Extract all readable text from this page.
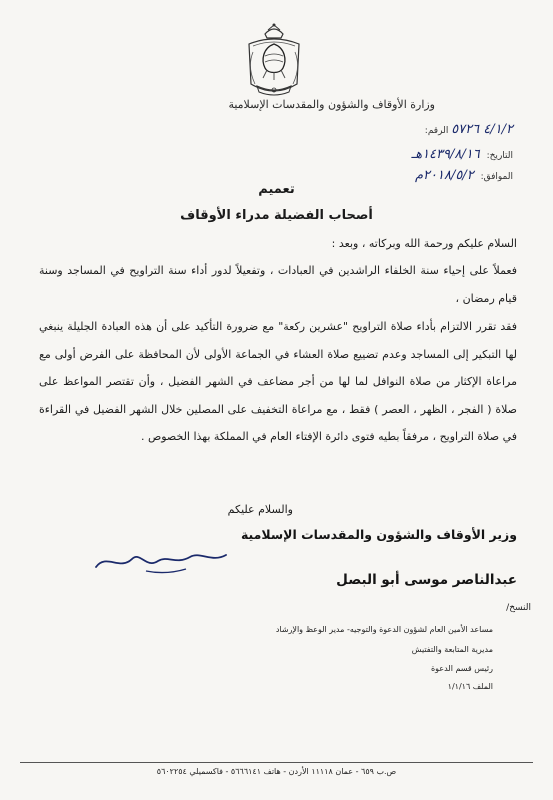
وزارة الأوقاف والشؤون والمقدسات الإسلامية
الرقم: ٤/١/٢ ٥٧٢٦
التاريخ: ١٤٣٩/٨/١٦هـ
الموافق: ٢٠١٨/٥/٢م
تعميم
أصحاب الفضيلة مدراء الأوقاف
السلام عليكم ورحمة الله وبركاته ، وبعد :
فعملاً على إحياء سنة الخلفاء الراشدين في العبادات ، وتفعيلاً لدور أداء سنة التراويح في المساجد وسنة قيام رمضان ،
فقد تقرر الالتزام بأداء صلاة التراويح "عشرين ركعة" مع ضرورة التأكيد على أن هذه العبادة الجليلة ينبغي لها التبكير إلى المساجد وعدم تضييع صلاة العشاء في الجماعة الأولى لأن المحافظة على الفرض أولى مع مراعاة الإكثار من صلاة النوافل لما لها من أجر مضاعف في الشهر الفضيل ، وأن تقتصر المواعظ على صلاة ( الفجر ، الظهر ، العصر ) فقط ، مع مراعاة التخفيف على المصلين خلال الشهر الفضيل في القراءة في صلاة التراويح ، مرفقاً بطيه فتوى دائرة الإفتاء العام في المملكة بهذا الخصوص .
والسلام عليكم
وزير الأوقاف والشؤون والمقدسات الإسلامية
عبدالناصر موسى أبو البصل
النسخ/
مساعد الأمين العام لشؤون الدعوة والتوجيه- مدير الوعظ والإرشاد
مديرية المتابعة والتفتيش
رئيس قسم الدعوة
الملف ١/١/١٦
ص.ب ٦٥٩ - عمان ١١١١٨ الأردن - هاتف ٥٦٦٦١٤١ - فاكسميلي ٥٦٠٢٢٥٤
